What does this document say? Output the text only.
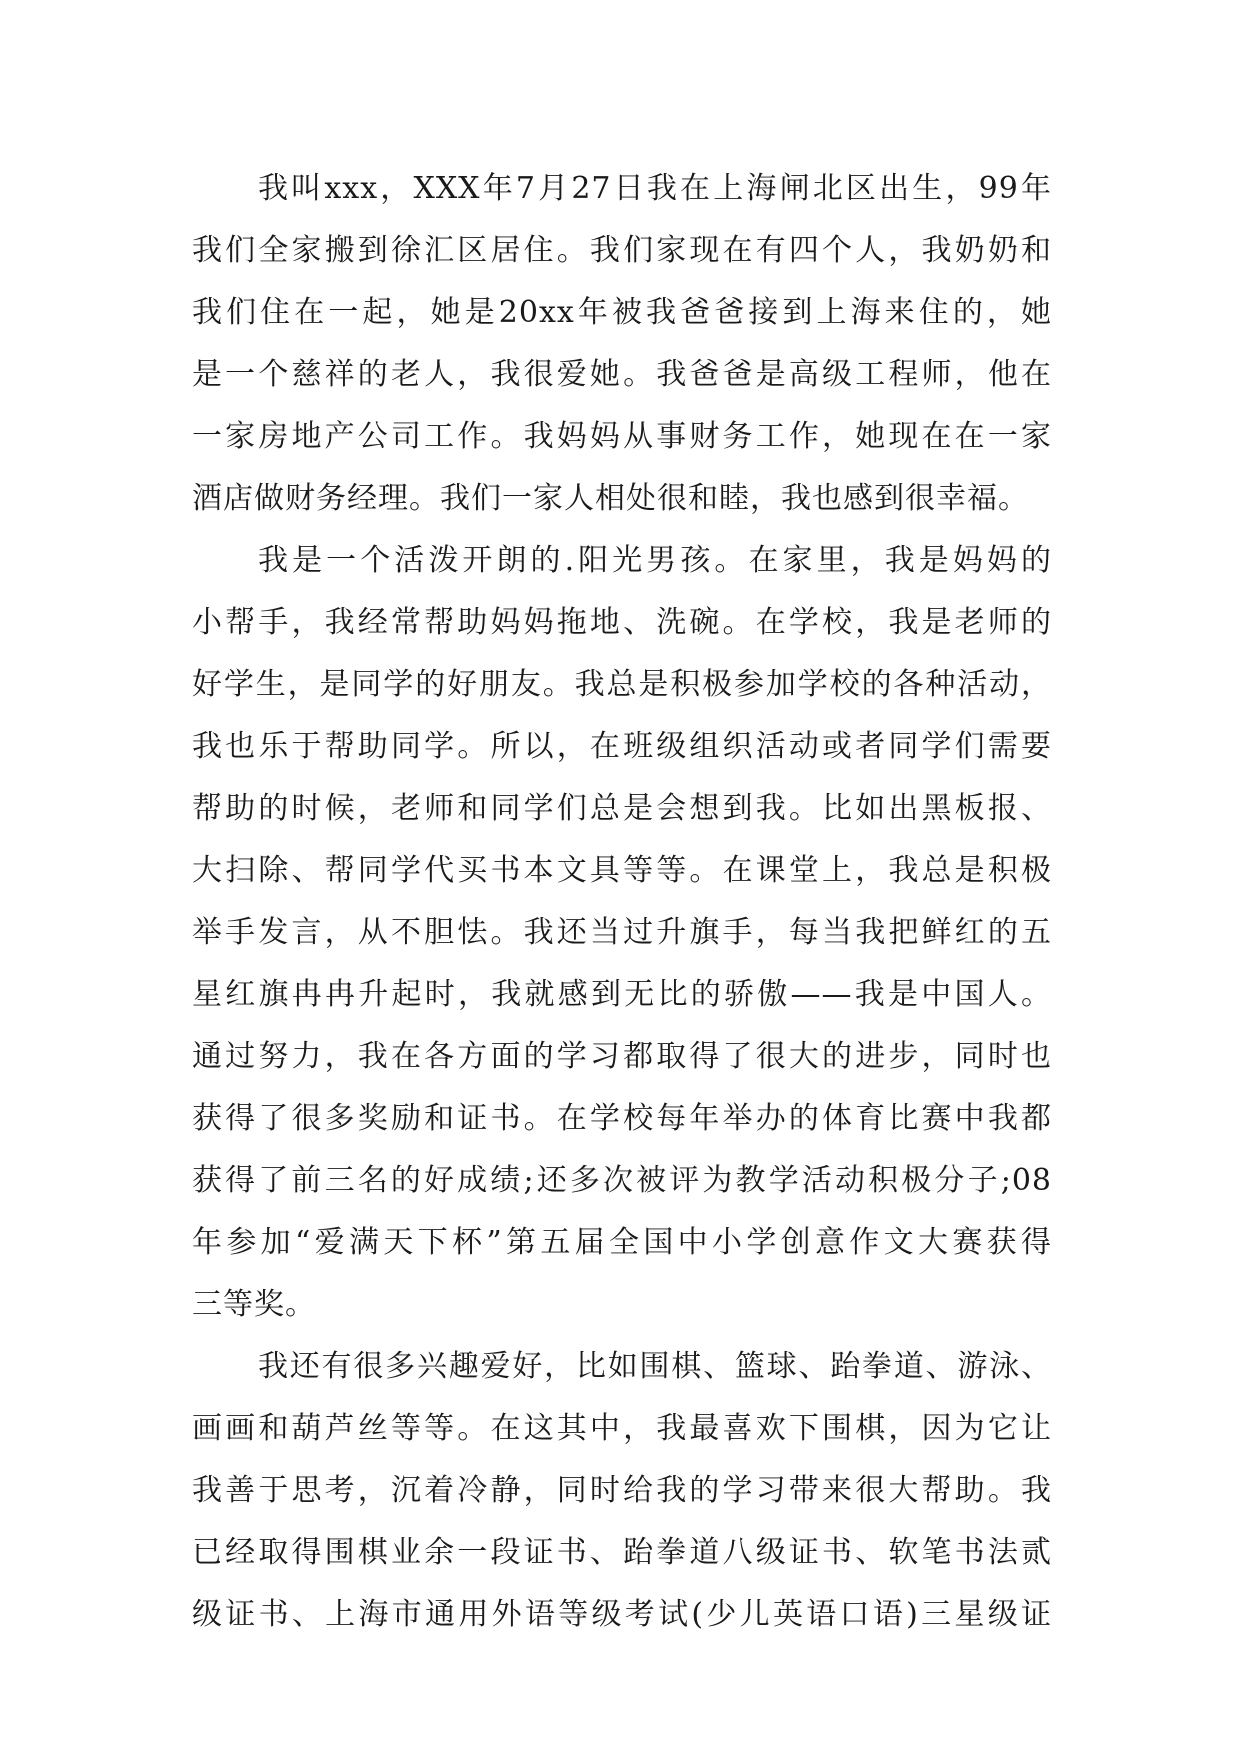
我叫xxx，XXX年7月27日我在上海闸北区出生，99年
我们全家搬到徐汇区居住。我们家现在有四个人，我奶奶和
我们住在一起，她是20xx年被我爸爸接到上海来住的，她
是一个慈祥的老人，我很爱她。我爸爸是高级工程师，他在
一家房地产公司工作。我妈妈从事财务工作，她现在在一家
酒店做财务经理。我们一家人相处很和睦，我也感到很幸福。
我是一个活泼开朗的.阳光男孩。在家里，我是妈妈的
小帮手，我经常帮助妈妈拖地、洗碗。在学校，我是老师的
好学生，是同学的好朋友。我总是积极参加学校的各种活动，
我也乐于帮助同学。所以，在班级组织活动或者同学们需要
帮助的时候，老师和同学们总是会想到我。比如出黑板报、
大扫除、帮同学代买书本文具等等。在课堂上，我总是积极
举手发言，从不胆怯。我还当过升旗手，每当我把鲜红的五
星红旗冉冉升起时，我就感到无比的骄傲——我是中国人。
通过努力，我在各方面的学习都取得了很大的进步，同时也
获得了很多奖励和证书。在学校每年举办的体育比赛中我都
获得了前三名的好成绩;还多次被评为教学活动积极分子;08
年参加“爱满天下杯”第五届全国中小学创意作文大赛获得
三等奖。
我还有很多兴趣爱好，比如围棋、篮球、跆拳道、游泳、
画画和葫芦丝等等。在这其中，我最喜欢下围棋，因为它让
我善于思考，沉着冷静，同时给我的学习带来很大帮助。我
已经取得围棋业余一段证书、跆拳道八级证书、软笔书法贰
级证书、上海市通用外语等级考试(少儿英语口语)三星级证
